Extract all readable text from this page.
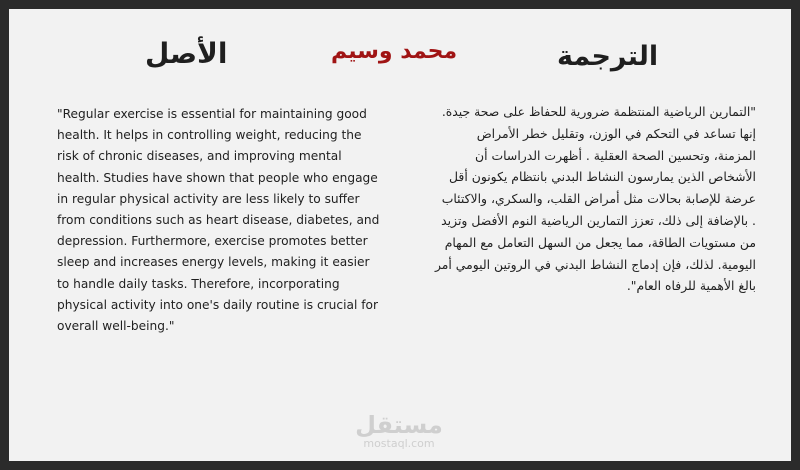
الأصل	محمد وسيم	الترجمة

"Regular exercise is essential for maintaining good health. It helps in controlling weight, reducing the risk of chronic diseases, and improving mental health. Studies have shown that people who engage in regular physical activity are less likely to suffer from conditions such as heart disease, diabetes, and depression. Furthermore, exercise promotes better sleep and increases energy levels, making it easier to handle daily tasks. Therefore, incorporating physical activity into one's daily routine is crucial for overall well-being."

"التمارين الرياضية المنتظمة ضرورية للحفاظ على صحة جيدة. إنها تساعد في التحكم في الوزن، وتقليل خطر الأمراض المزمنة، وتحسين الصحة العقلية . أظهرت الدراسات أن الأشخاص الذين يمارسون النشاط البدني بانتظام يكونون أقل عرضة للإصابة بحالات مثل أمراض القلب، والسكري، والاكتئاب . بالإضافة إلى ذلك، تعزز التمارين الرياضية النوم الأفضل وتزيد من مستويات الطاقة، مما يجعل من السهل التعامل مع المهام اليومية. لذلك، فإن إدماج النشاط البدني في الروتين اليومي أمر بالغ الأهمية للرفاه العام".

مستقل
mostaql.com
